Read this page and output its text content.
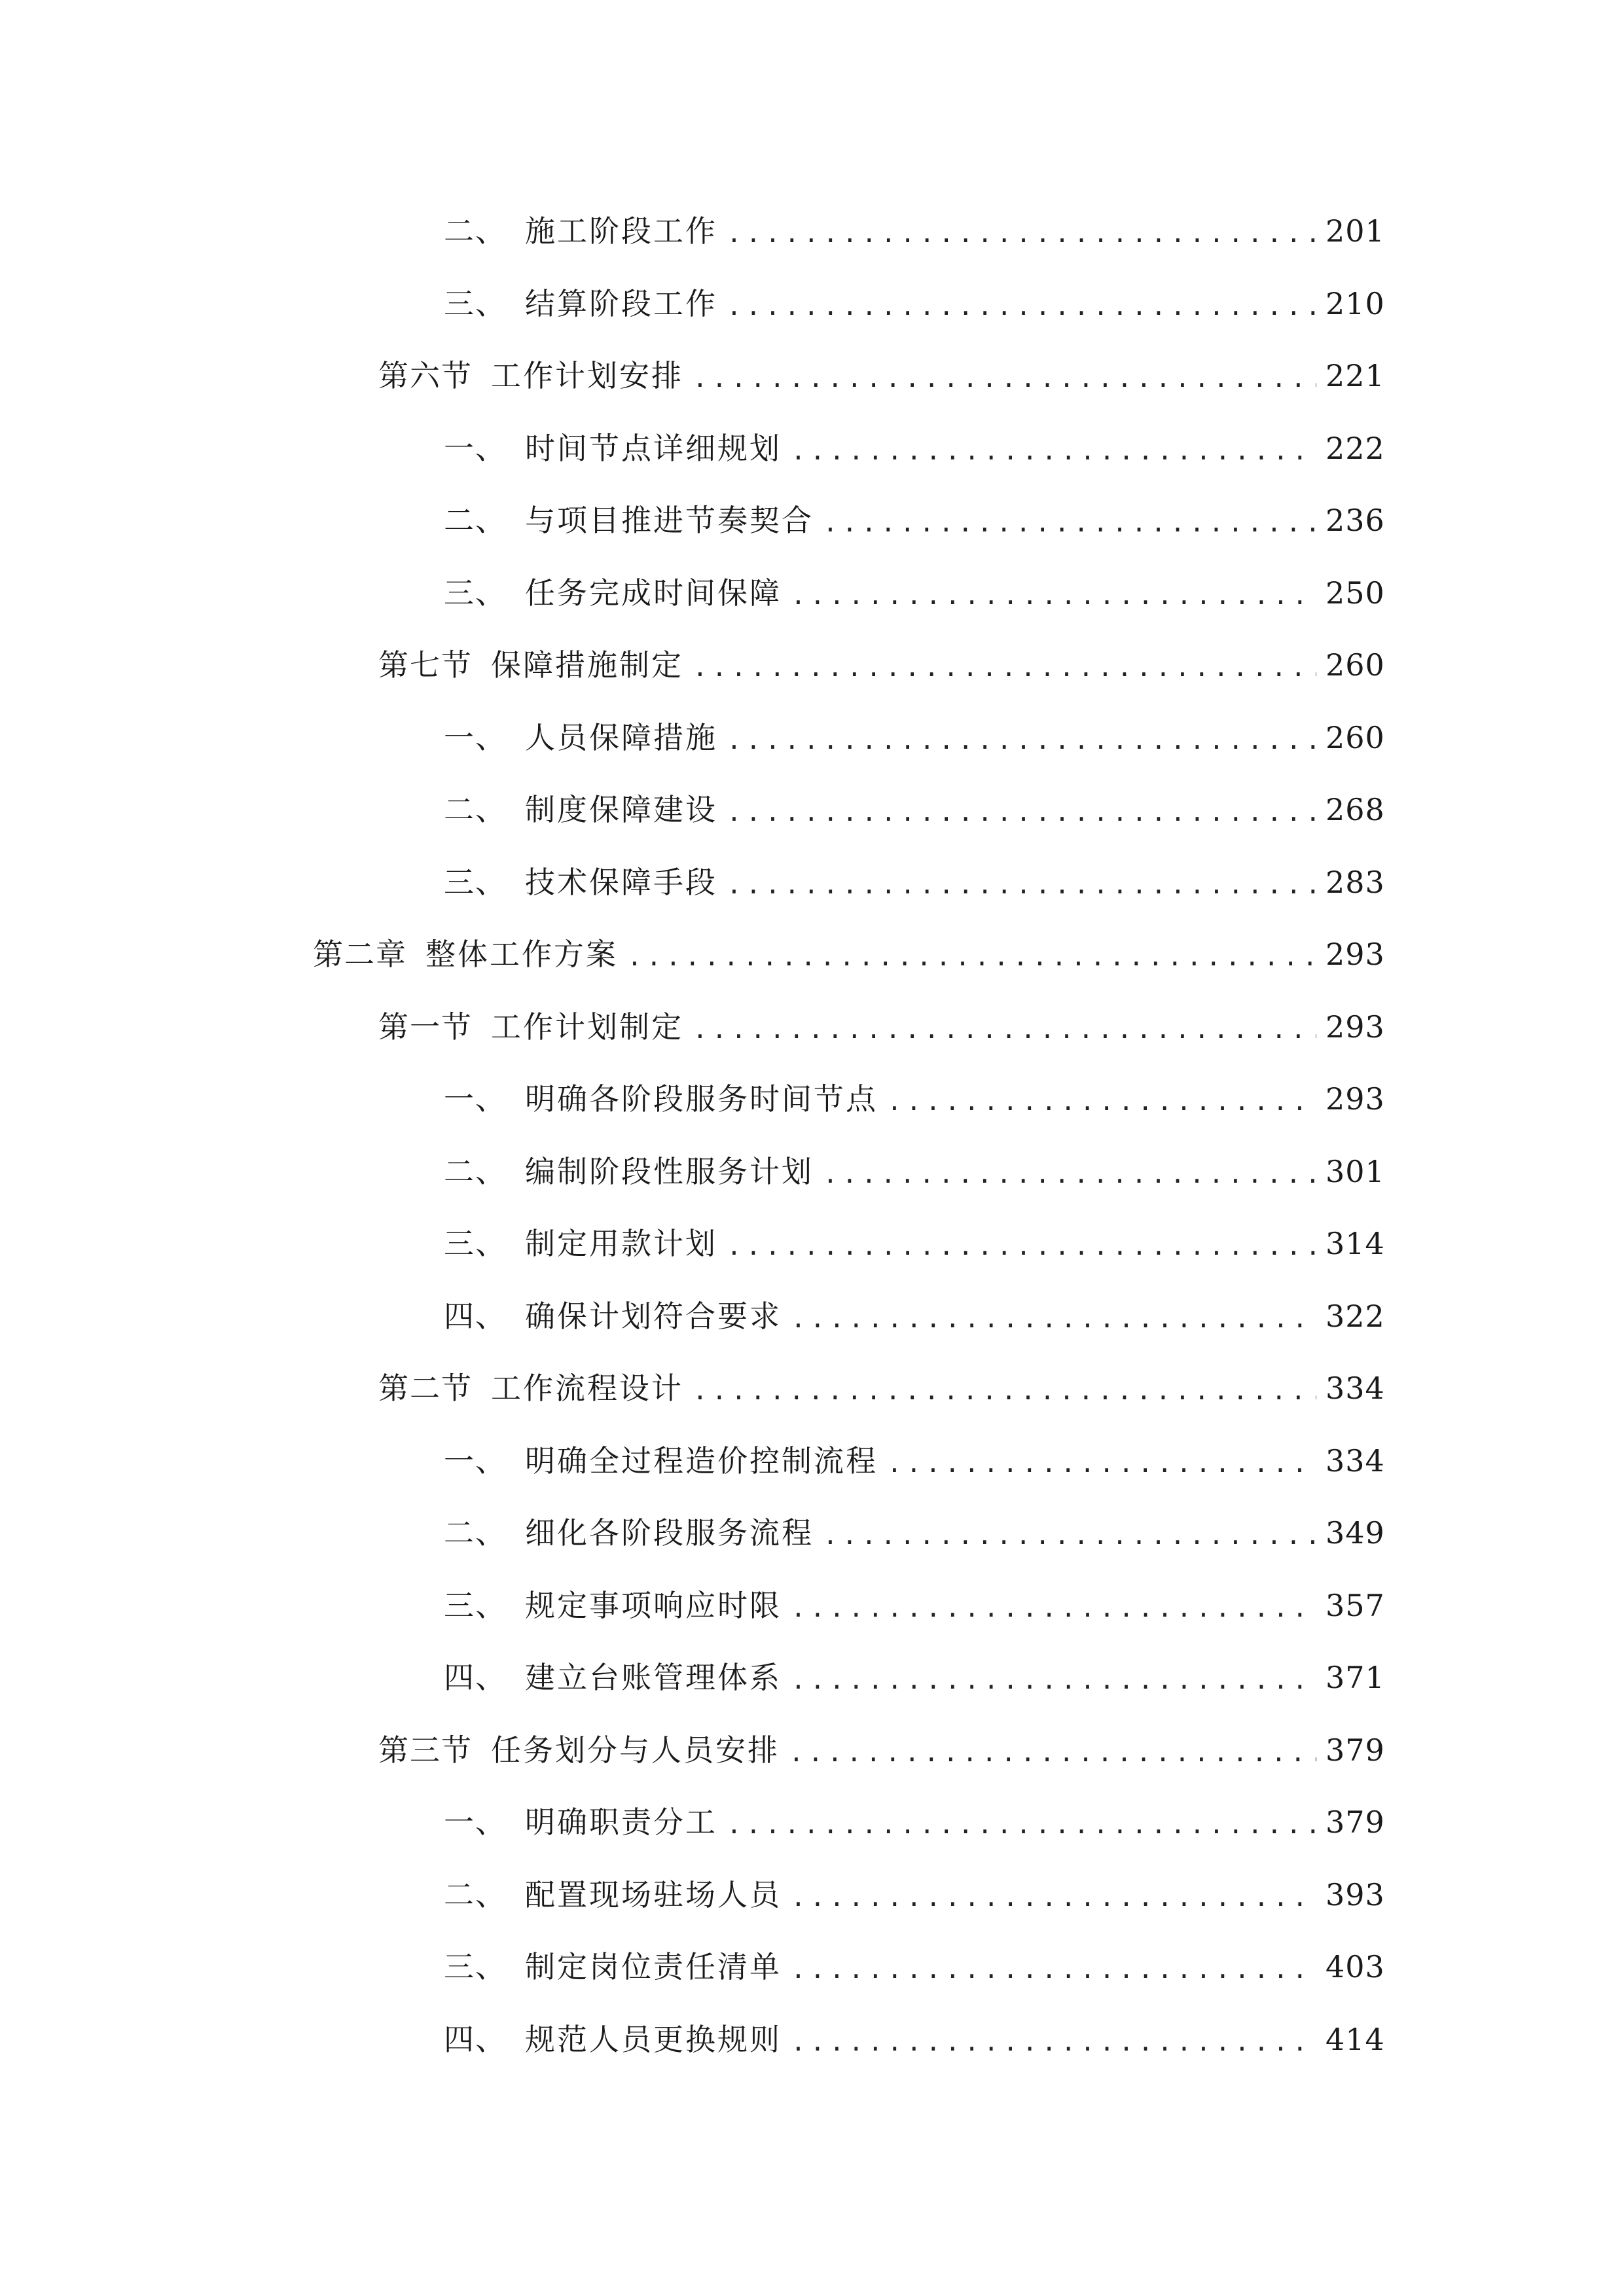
二、 施工阶段工作 .....	201
三、 结算阶段工作 .....	210
第六节 工作计划安排 .....	221
一、 时间节点详细规划 .....	222
二、 与项目推进节奏契合 .....	236
三、 任务完成时间保障 .....	250
第七节 保障措施制定 .....	260
一、 人员保障措施 .....	260
二、 制度保障建设 .....	268
三、 技术保障手段 .....	283
第二章 整体工作方案 .....	293
第一节 工作计划制定 .....	293
一、 明确各阶段服务时间节点 .....	293
二、 编制阶段性服务计划 .....	301
三、 制定用款计划 .....	314
四、 确保计划符合要求 .....	322
第二节 工作流程设计 .....	334
一、 明确全过程造价控制流程 .....	334
二、 细化各阶段服务流程 .....	349
三、 规定事项响应时限 .....	357
四、 建立台账管理体系 .....	371
第三节 任务划分与人员安排 .....	379
一、 明确职责分工 .....	379
二、 配置现场驻场人员 .....	393
三、 制定岗位责任清单 .....	403
四、 规范人员更换规则 .....	414
